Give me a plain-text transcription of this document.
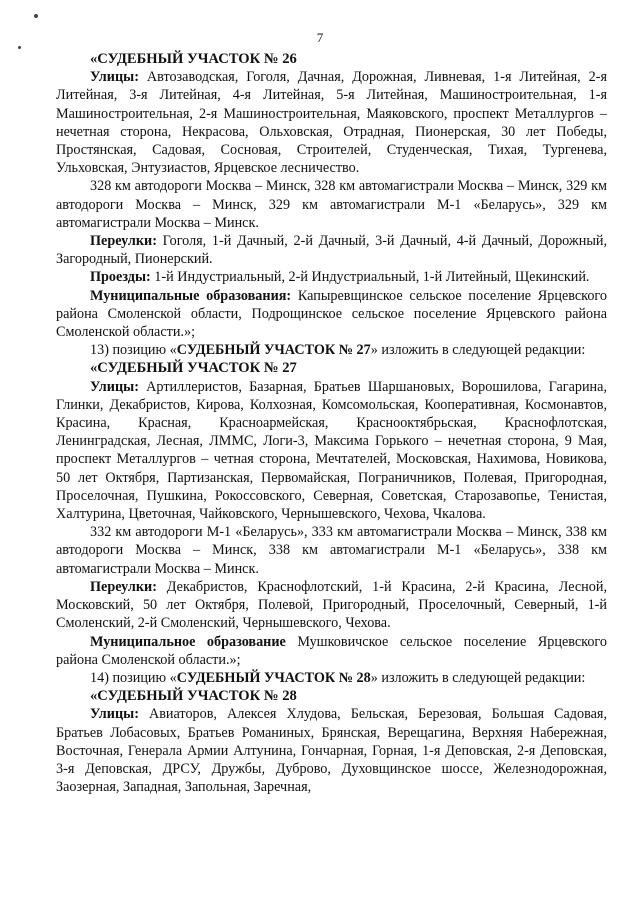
7
«СУДЕБНЫЙ УЧАСТОК № 26

Улицы: Автозаводская, Гоголя, Дачная, Дорожная, Ливневая, 1-я Литейная, 2-я Литейная, 3-я Литейная, 4-я Литейная, 5-я Литейная, Машиностроительная, 1-я Машиностроительная, 2-я Машиностроительная, Маяковского, проспект Металлургов – нечетная сторона, Некрасова, Ольховская, Отрадная, Пионерская, 30 лет Победы, Простянская, Садовая, Сосновая, Строителей, Студенческая, Тихая, Тургенева, Ульховская, Энтузиастов, Ярцевское лесничество.

328 км автодороги Москва – Минск, 328 км автомагистрали Москва – Минск, 329 км автодороги Москва – Минск, 329 км автомагистрали М-1 «Беларусь», 329 км автомагистрали Москва – Минск.

Переулки: Гоголя, 1-й Дачный, 2-й Дачный, 3-й Дачный, 4-й Дачный, Дорожный, Загородный, Пионерский.

Проезды: 1-й Индустриальный, 2-й Индустриальный, 1-й Литейный, Щекинский.

Муниципальные образования: Капыревщинское сельское поселение Ярцевского района Смоленской области, Подрощинское сельское поселение Ярцевского района Смоленской области.»;

13) позицию «СУДЕБНЫЙ УЧАСТОК № 27» изложить в следующей редакции:

«СУДЕБНЫЙ УЧАСТОК № 27

Улицы: Артиллеристов, Базарная, Братьев Шаршановых, Ворошилова, Гагарина, Глинки, Декабристов, Кирова, Колхозная, Комсомольская, Кооперативная, Космонавтов, Красина, Красная, Красноармейская, Краснооктябрьская, Краснофлотская, Ленинградская, Лесная, ЛММС, Логи-3, Максима Горького – нечетная сторона, 9 Мая, проспект Металлургов – четная сторона, Мечтателей, Московская, Нахимова, Новикова, 50 лет Октября, Партизанская, Первомайская, Пограничников, Полевая, Пригородная, Проселочная, Пушкина, Рокоссовского, Северная, Советская, Старозавопье, Тенистая, Халтурина, Цветочная, Чайковского, Чернышевского, Чехова, Чкалова.

332 км автодороги М-1 «Беларусь», 333 км автомагистрали Москва – Минск, 338 км автодороги Москва – Минск, 338 км автомагистрали М-1 «Беларусь», 338 км автомагистрали Москва – Минск.

Переулки: Декабристов, Краснофлотский, 1-й Красина, 2-й Красина, Лесной, Московский, 50 лет Октября, Полевой, Пригородный, Проселочный, Северный, 1-й Смоленский, 2-й Смоленский, Чернышевского, Чехова.

Муниципальное образование Мушковичское сельское поселение Ярцевского района Смоленской области.»;

14) позицию «СУДЕБНЫЙ УЧАСТОК № 28» изложить в следующей редакции:

«СУДЕБНЫЙ УЧАСТОК № 28

Улицы: Авиаторов, Алексея Хлудова, Бельская, Березовая, Большая Садовая, Братьев Лобасовых, Братьев Романиных, Брянская, Верещагина, Верхняя Набережная, Восточная, Генерала Армии Алтунина, Гончарная, Горная, 1-я Деповская, 2-я Деповская, 3-я Деповская, ДРСУ, Дружбы, Дуброво, Духовщинское шоссе, Железнодорожная, Заозерная, Западная, Запольная, Заречная,
